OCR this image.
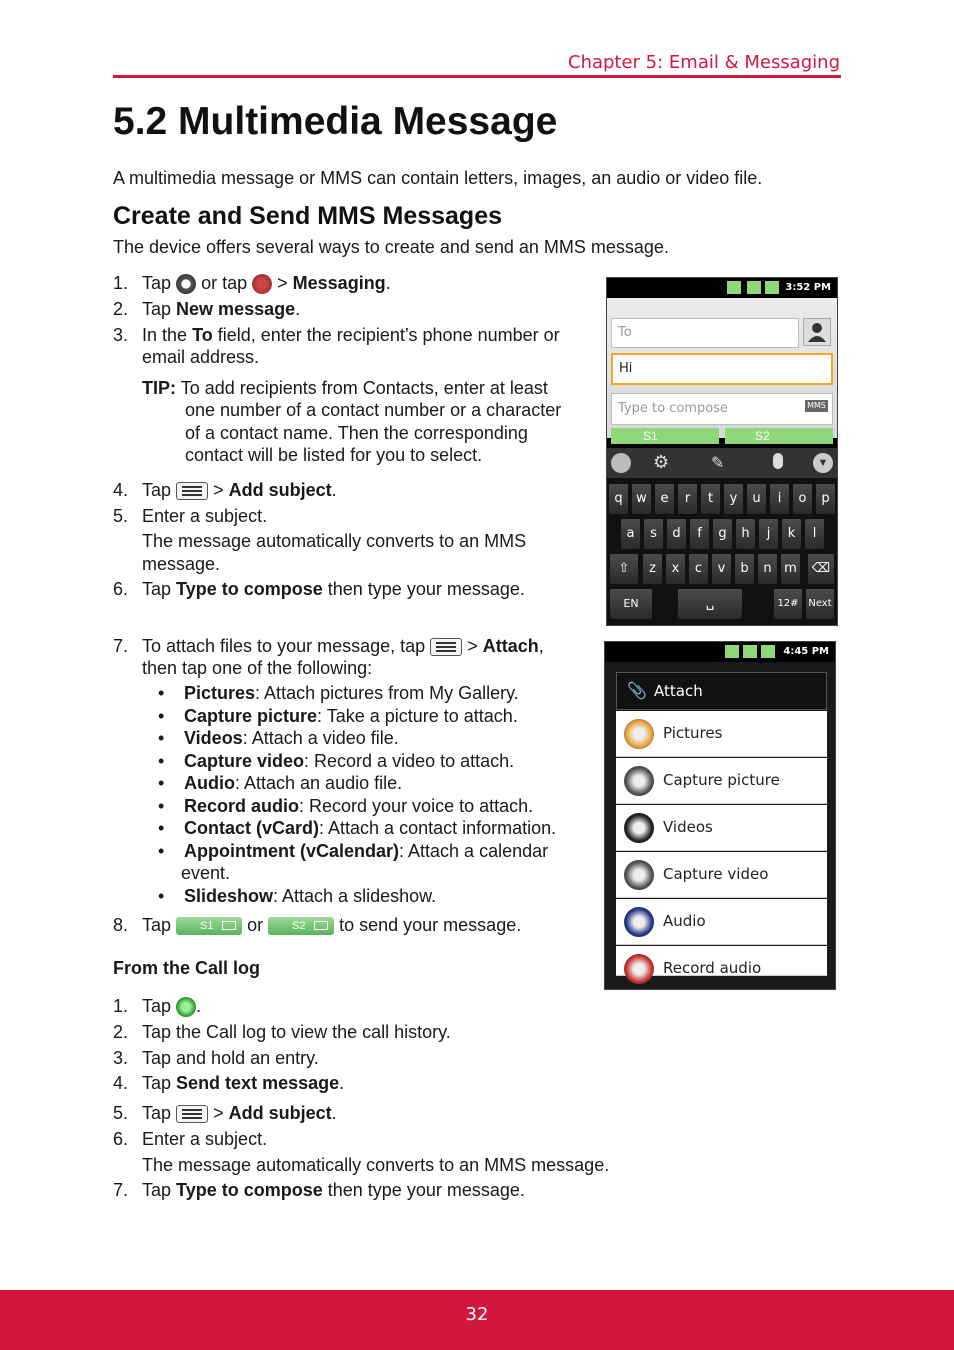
Chapter 5: Email & Messaging
5.2 Multimedia Message
A multimedia message or MMS can contain letters, images, an audio or video file.
Create and Send MMS Messages
The device offers several ways to create and send an MMS message.
1. Tap or tap > Messaging.
2. Tap New message.
3. In the To field, enter the recipient’s phone number or
email address.
TIP: To add recipients from Contacts, enter at least
one number of a contact number or a character
of a contact name. Then the corresponding
contact will be listed for you to select.
4. Tap > Add subject.
5. Enter a subject.
The message automatically converts to an MMS
message.
6. Tap Type to compose then type your message.
7. To attach files to your message, tap > Attach,
then tap one of the following:
• Pictures: Attach pictures from My Gallery.
• Capture picture: Take a picture to attach.
• Videos: Attach a video file.
• Capture video: Record a video to attach.
• Audio: Attach an audio file.
• Record audio: Record your voice to attach.
• Contact (vCard): Attach a contact information.
• Appointment (vCalendar): Attach a calendar
event.
• Slideshow: Attach a slideshow.
8. Tap	S1 or	S2 to send your message.
From the Call log
1. Tap .
2. Tap the Call log to view the call history.
3. Tap and hold an entry.
4. Tap Send text message.
5. Tap > Add subject.
6. Enter a subject.
The message automatically converts to an MMS message.
7. Tap Type to compose then type your message.
3:52 PM
To
Hi
Type to compose	MMS
S1	S2
⚙	✎	▼
q	w	e	r	t	y	u	i	o	p
a	s	d	f	g	h	j	k	l
⇧	⌫
z	x	c	v	b	n m
EN	␣	12# Next
4:45 PM
📎 Attach
Pictures
Capture picture
Videos
Capture video
Audio
Record audio
32
